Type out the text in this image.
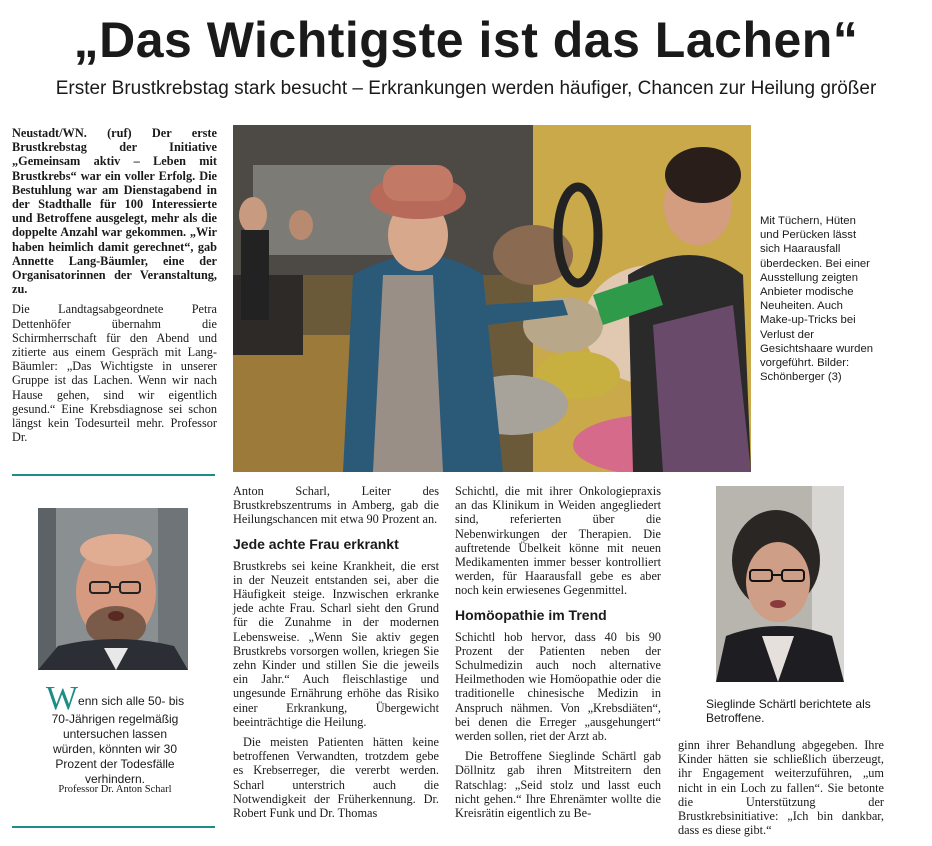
„Das Wichtigste ist das Lachen“
Erster Brustkrebstag stark besucht – Erkrankungen werden häufiger, Chancen zur Heilung größer

Neustadt/WN. (ruf) Der erste Brustkrebstag der Initiative „Gemeinsam aktiv – Leben mit Brustkrebs“ war ein voller Erfolg. Die Bestuhlung war am Dienstagabend in der Stadthalle für 100 Interessierte und Betroffene ausgelegt, mehr als die doppelte Anzahl war gekommen. „Wir haben heimlich damit gerechnet“, gab Annette Lang-Bäumler, eine der Organisatorinnen der Veranstaltung, zu.

Die Landtagsabgeordnete Petra Dettenhöfer übernahm die Schirmherrschaft für den Abend und zitierte aus einem Gespräch mit Lang-Bäumler: „Das Wichtigste in unserer Gruppe ist das Lachen. Wenn wir nach Hause gehen, sind wir eigentlich gesund.“ Eine Krebsdiagnose sei schon längst kein Todesurteil mehr. Professor Dr.

Wenn sich alle 50- bis 70-Jährigen regelmäßig untersuchen lassen würden, könnten wir 30 Prozent der Todesfälle verhindern.
Professor Dr. Anton Scharl
Mit Tüchern, Hüten und Perücken lässt sich Haarausfall überdecken. Bei einer Ausstellung zeigten Anbieter modische Neuheiten. Auch Make-up-Tricks bei Verlust der Gesichtshaare wurden vorgeführt. Bilder: Schönberger (3)

Anton Scharl, Leiter des Brustkrebszentrums in Amberg, gab die Heilungschancen mit etwa 90 Prozent an.

Jede achte Frau erkrankt

Brustkrebs sei keine Krankheit, die erst in der Neuzeit entstanden sei, aber die Häufigkeit steige. Inzwischen erkranke jede achte Frau. Scharl sieht den Grund für die Zunahme in der modernen Lebensweise. „Wenn Sie aktiv gegen Brustkrebs vorsorgen wollen, kriegen Sie zehn Kinder und stillen Sie die jeweils ein Jahr.“ Auch fleischlastige und ungesunde Ernährung erhöhe das Risiko einer Erkrankung, Übergewicht beeinträchtige die Heilung.

Die meisten Patienten hätten keine betroffenen Verwandten, trotzdem gebe es Krebserreger, die vererbt werden. Scharl unterstrich auch die Notwendigkeit der Früherkennung. Dr. Robert Funk und Dr. Thomas

Schichtl, die mit ihrer Onkologiepraxis an das Klinikum in Weiden angegliedert sind, referierten über die Nebenwirkungen der Therapien. Die auftretende Übelkeit könne mit neuen Medikamenten immer besser kontrolliert werden, für Haarausfall gebe es aber noch kein erwiesenes Gegenmittel.

Homöopathie im Trend

Schichtl hob hervor, dass 40 bis 90 Prozent der Patienten neben der Schulmedizin auch noch alternative Heilmethoden wie Homöopathie oder die traditionelle chinesische Medizin in Anspruch nähmen. Von „Krebsdiäten“, bei denen die Erreger „ausgehungert“ werden sollen, riet der Arzt ab.

Die Betroffene Sieglinde Schärtl gab Döllnitz gab ihren Mitstreitern den Ratschlag: „Seid stolz und lasst euch nicht gehen.“ Ihre Ehrenämter wollte die Kreisrätin eigentlich zu Be-

Sieglinde Schärtl berichtete als Betroffene.

ginn ihrer Behandlung abgegeben. Ihre Kinder hätten sie schließlich überzeugt, ihr Engagement weiterzuführen, „um nicht in ein Loch zu fallen“. Sie betonte die Unterstützung der Brustkrebsinitiative: „Ich bin dankbar, dass es diese gibt.“
